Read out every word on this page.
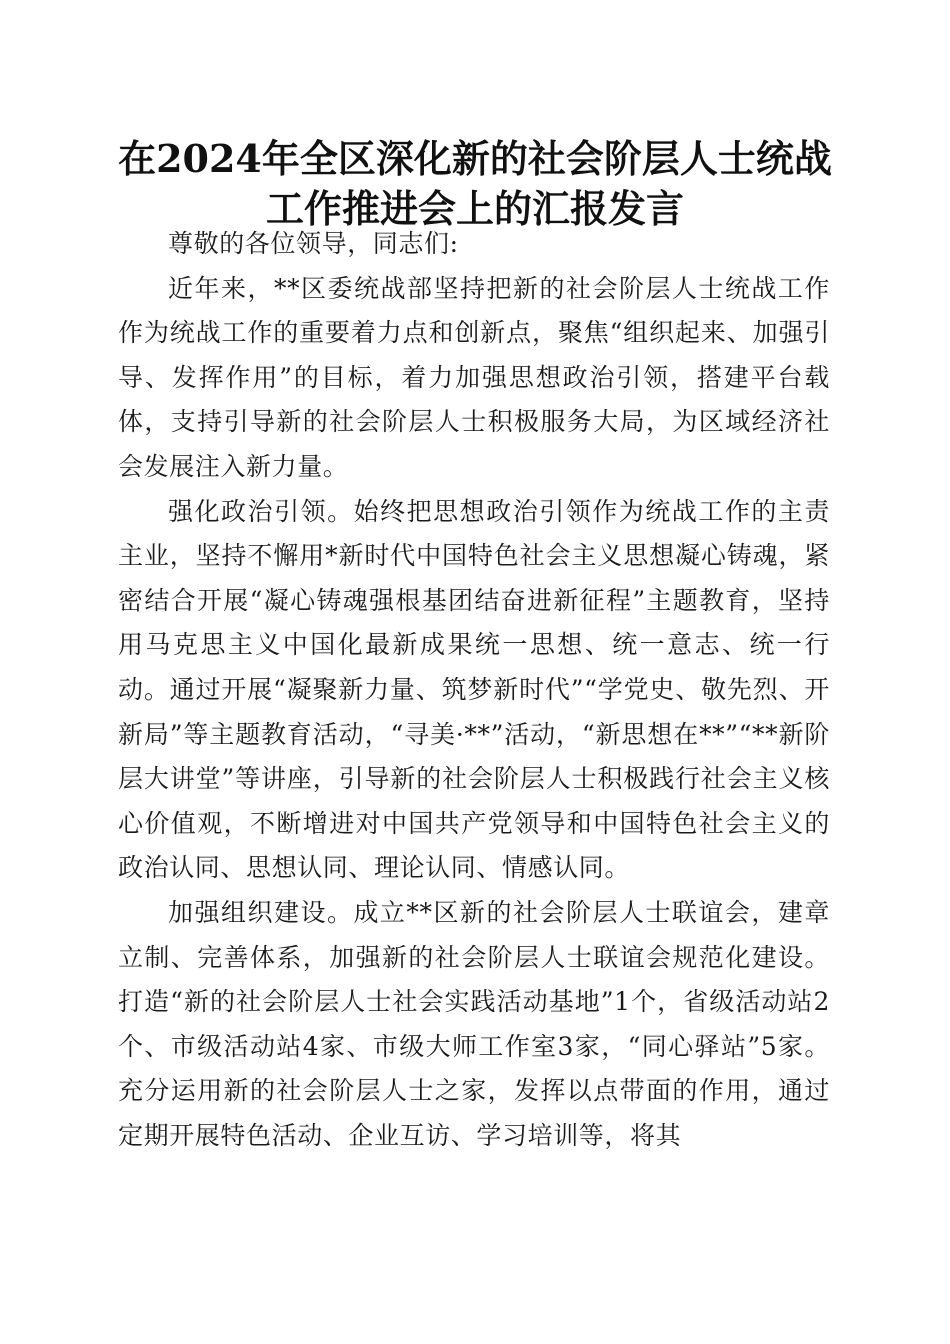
在2024年全区深化新的社会阶层人士统战工作推进会上的汇报发言

尊敬的各位领导，同志们:

近年来，**区委统战部坚持把新的社会阶层人士统战工作作为统战工作的重要着力点和创新点，聚焦“组织起来、加强引导、发挥作用”的目标，着力加强思想政治引领，搭建平台载体，支持引导新的社会阶层人士积极服务大局，为区域经济社会发展注入新力量。

强化政治引领。始终把思想政治引领作为统战工作的主责主业，坚持不懈用*新时代中国特色社会主义思想凝心铸魂，紧密结合开展“凝心铸魂强根基团结奋进新征程”主题教育，坚持用马克思主义中国化最新成果统一思想、统一意志、统一行动。通过开展“凝聚新力量、筑梦新时代”“学党史、敬先烈、开新局”等主题教育活动，“寻美·**”活动，“新思想在**”“**新阶层大讲堂”等讲座，引导新的社会阶层人士积极践行社会主义核心价值观，不断增进对中国共产党领导和中国特色社会主义的政治认同、思想认同、理论认同、情感认同。

加强组织建设。成立**区新的社会阶层人士联谊会，建章立制、完善体系，加强新的社会阶层人士联谊会规范化建设。打造“新的社会阶层人士社会实践活动基地”1个，省级活动站2个、市级活动站4家、市级大师工作室3家，“同心驿站”5家。充分运用新的社会阶层人士之家，发挥以点带面的作用，通过定期开展特色活动、企业互访、学习培训等，将其
